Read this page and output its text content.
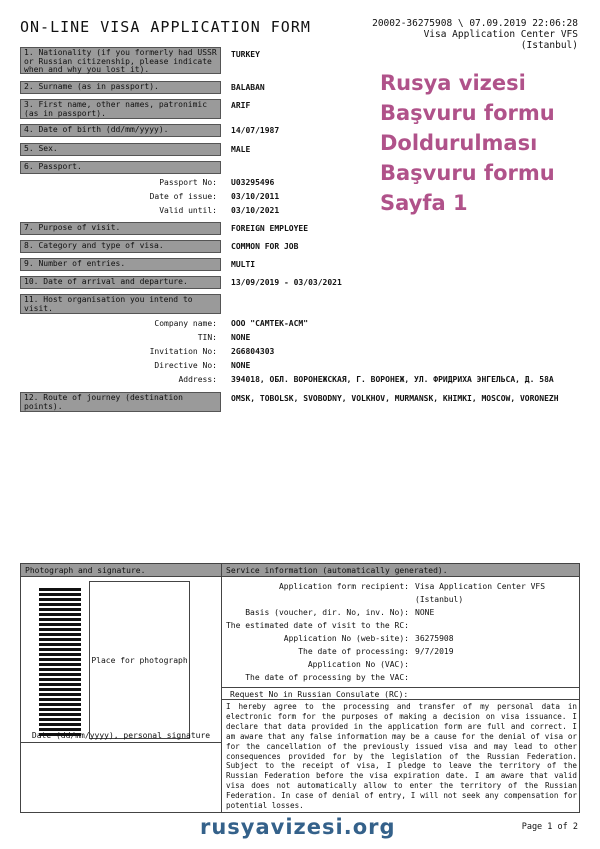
ON-LINE VISA APPLICATION FORM	20002-36275908 \ 07.09.2019 22:06:28
Visa Application Center VFS
(Istanbul)
1. Nationality (if you formerly had USSR or Russian citizenship, please indicate when and why you lost it).
TURKEY
2. Surname (as in passport).	BALABAN
3. First name, other names, patronimic (as in passport).
ARIF
4. Date of birth (dd/mm/yyyy).	14/07/1987
5. Sex.	MALE
6. Passport.
Passport No: U03295496
Date of issue: 03/10/2011
Valid until: 03/10/2021
7. Purpose of visit.	FOREIGN EMPLOYEE
8. Category and type of visa.	COMMON FOR JOB
9. Number of entries.	MULTI
10. Date of arrival and departure.	13/09/2019 - 03/03/2021
11. Host organisation you intend to visit.
Company name: ООО "САМТЕК-АСМ"
TIN: NONE
Invitation No: 2G6804303
Directive No: NONE
Address: 394018, ОБЛ. ВОРОНЕЖСКАЯ, Г. ВОРОНЕЖ, УЛ. ФРИДРИХА ЭНГЕЛЬСА, Д. 58А
12. Route of journey (destination points).
OMSK, TOBOLSK, SVOBODNY, VOLKHOV, MURMANSK, KHIMKI, MOSCOW, VORONEZH
Rusya vizesi
Başvuru formu
Doldurulması
Başvuru formu
Sayfa 1
Photograph and signature.
Place for photograph
Date (dd/mm/yyyy), personal signature
Service information (automatically generated).
Application form recipient: Visa Application Center VFS
(Istanbul)
Basis (voucher, dir. No, inv. No): NONE
The estimated date of visit to the RC:
Application No (web-site): 36275908
The date of processing: 9/7/2019
Application No (VAC):
The date of processing by the VAC:
Request No in Russian Consulate (RC):
I hereby agree to the processing and transfer of my personal data in electronic form for the purposes of making a decision on visa issuance. I declare that data provided in the application form are full and correct. I am aware that any false information may be a cause for the denial of visa or for the cancellation of the previously issued visa and may lead to other consequences provided for by the legislation of the Russian Federation. Subject to the receipt of visa, I pledge to leave the territory of the Russian Federation before the visa expiration date. I am aware that valid visa does not automatically allow to enter the territory of the Russian Federation. In case of denial of entry, I will not seek any compensation for potential losses.
rusyavizesi.org	Page 1 of 2
